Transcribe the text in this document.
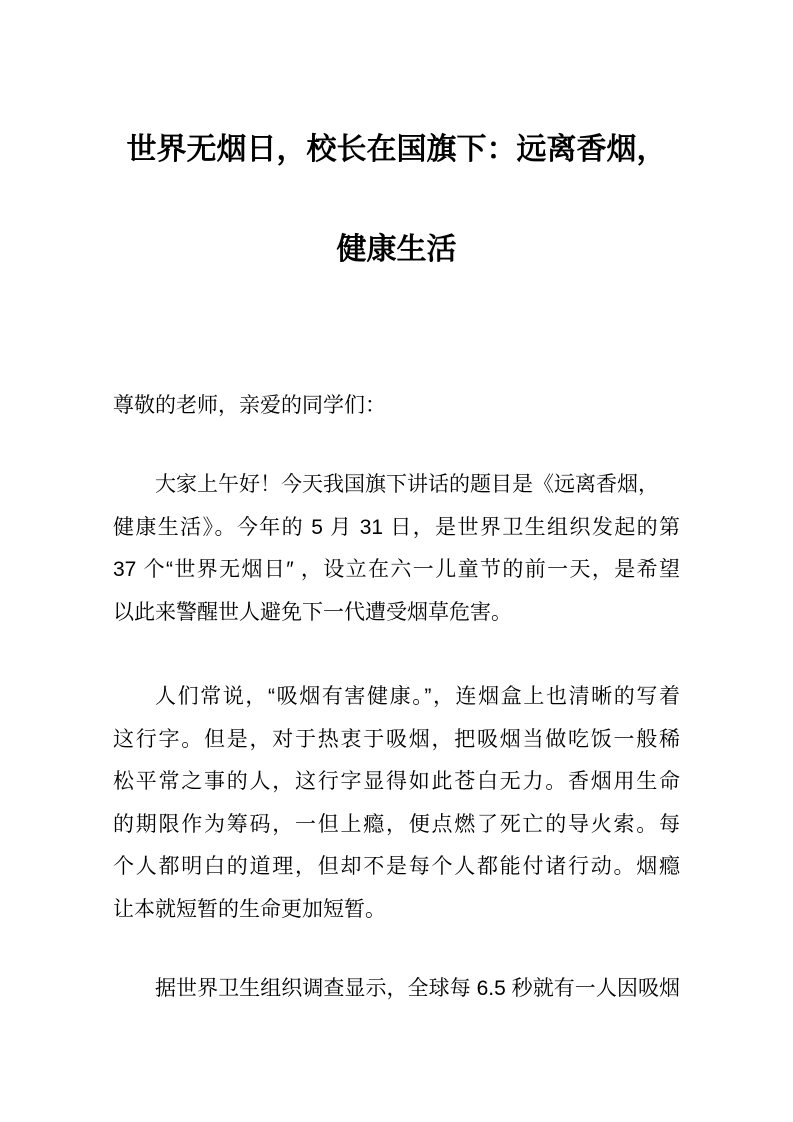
世界无烟日，校长在国旗下：远离香烟，
健康生活
尊敬的老师，亲爱的同学们：
大家上午好！今天我国旗下讲话的题目是《远离香烟，
健康生活》。今年的 5 月 31 日，是世界卫生组织发起的第
37 个“世界无烟日″ ，设立在六一儿童节的前一天，是希望
以此来警醒世人避免下一代遭受烟草危害。
人们常说，“吸烟有害健康。”，连烟盒上也清晰的写着
这行字。但是，对于热衷于吸烟，把吸烟当做吃饭一般稀
松平常之事的人，这行字显得如此苍白无力。香烟用生命
的期限作为筹码，一但上瘾，便点燃了死亡的导火索。每
个人都明白的道理，但却不是每个人都能付诸行动。烟瘾
让本就短暂的生命更加短暂。
据世界卫生组织调查显示，全球每 6.5 秒就有一人因吸烟
